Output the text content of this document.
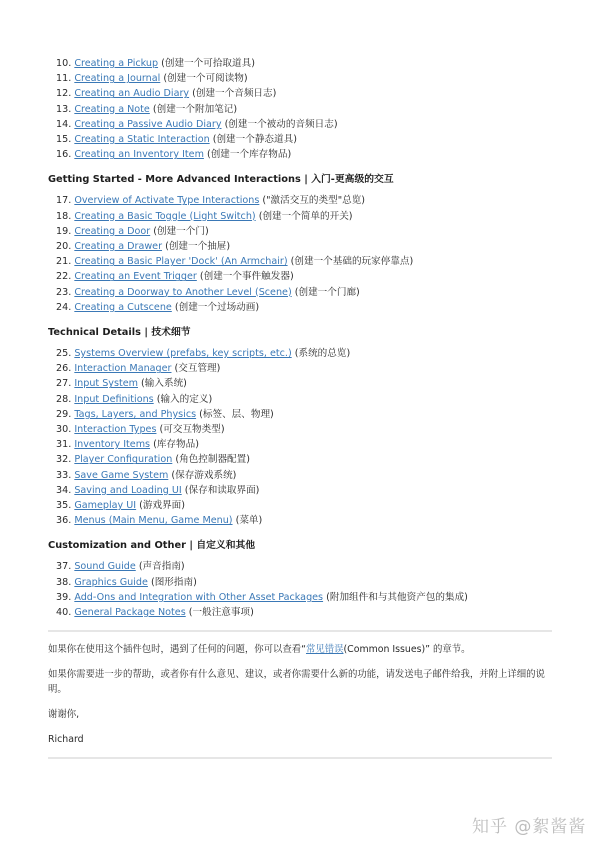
10. Creating a Pickup (创建一个可拾取道具)
11. Creating a Journal (创建一个可阅读物)
12. Creating an Audio Diary (创建一个音频日志)
13. Creating a Note (创建一个附加笔记)
14. Creating a Passive Audio Diary (创建一个被动的音频日志)
15. Creating a Static Interaction (创建一个静态道具)
16. Creating an Inventory Item (创建一个库存物品)
Getting Started - More Advanced Interactions | 入门-更高级的交互
17. Overview of Activate Type Interactions ("激活交互的类型"总览)
18. Creating a Basic Toggle (Light Switch) (创建一个简单的开关)
19. Creating a Door (创建一个门)
20. Creating a Drawer (创建一个抽屉)
21. Creating a Basic Player 'Dock' (An Armchair) (创建一个基础的玩家停靠点)
22. Creating an Event Trigger (创建一个事件触发器)
23. Creating a Doorway to Another Level (Scene) (创建一个门廊)
24. Creating a Cutscene (创建一个过场动画)
Technical Details | 技术细节
25. Systems Overview (prefabs, key scripts, etc.) (系统的总览)
26. Interaction Manager (交互管理)
27. Input System (输入系统)
28. Input Definitions (输入的定义)
29. Tags, Layers, and Physics (标签、层、物理)
30. Interaction Types (可交互物类型)
31. Inventory Items (库存物品)
32. Player Configuration (角色控制器配置)
33. Save Game System (保存游戏系统)
34. Saving and Loading UI (保存和读取界面)
35. Gameplay UI (游戏界面)
36. Menus (Main Menu, Game Menu) (菜单)
Customization and Other | 自定义和其他
37. Sound Guide (声音指南)
38. Graphics Guide (图形指南)
39. Add-Ons and Integration with Other Asset Packages (附加组件和与其他资产包的集成)
40. General Package Notes (一般注意事项)

如果你在使用这个插件包时，遇到了任何的问题，你可以查看“常见错误(Common Issues)” 的章节。

如果你需要进一步的帮助，或者你有什么意见、建议，或者你需要什么新的功能，请发送电子邮件给我，并附上详细的说明。

谢谢你,

Richard

知乎 @絮酱酱
